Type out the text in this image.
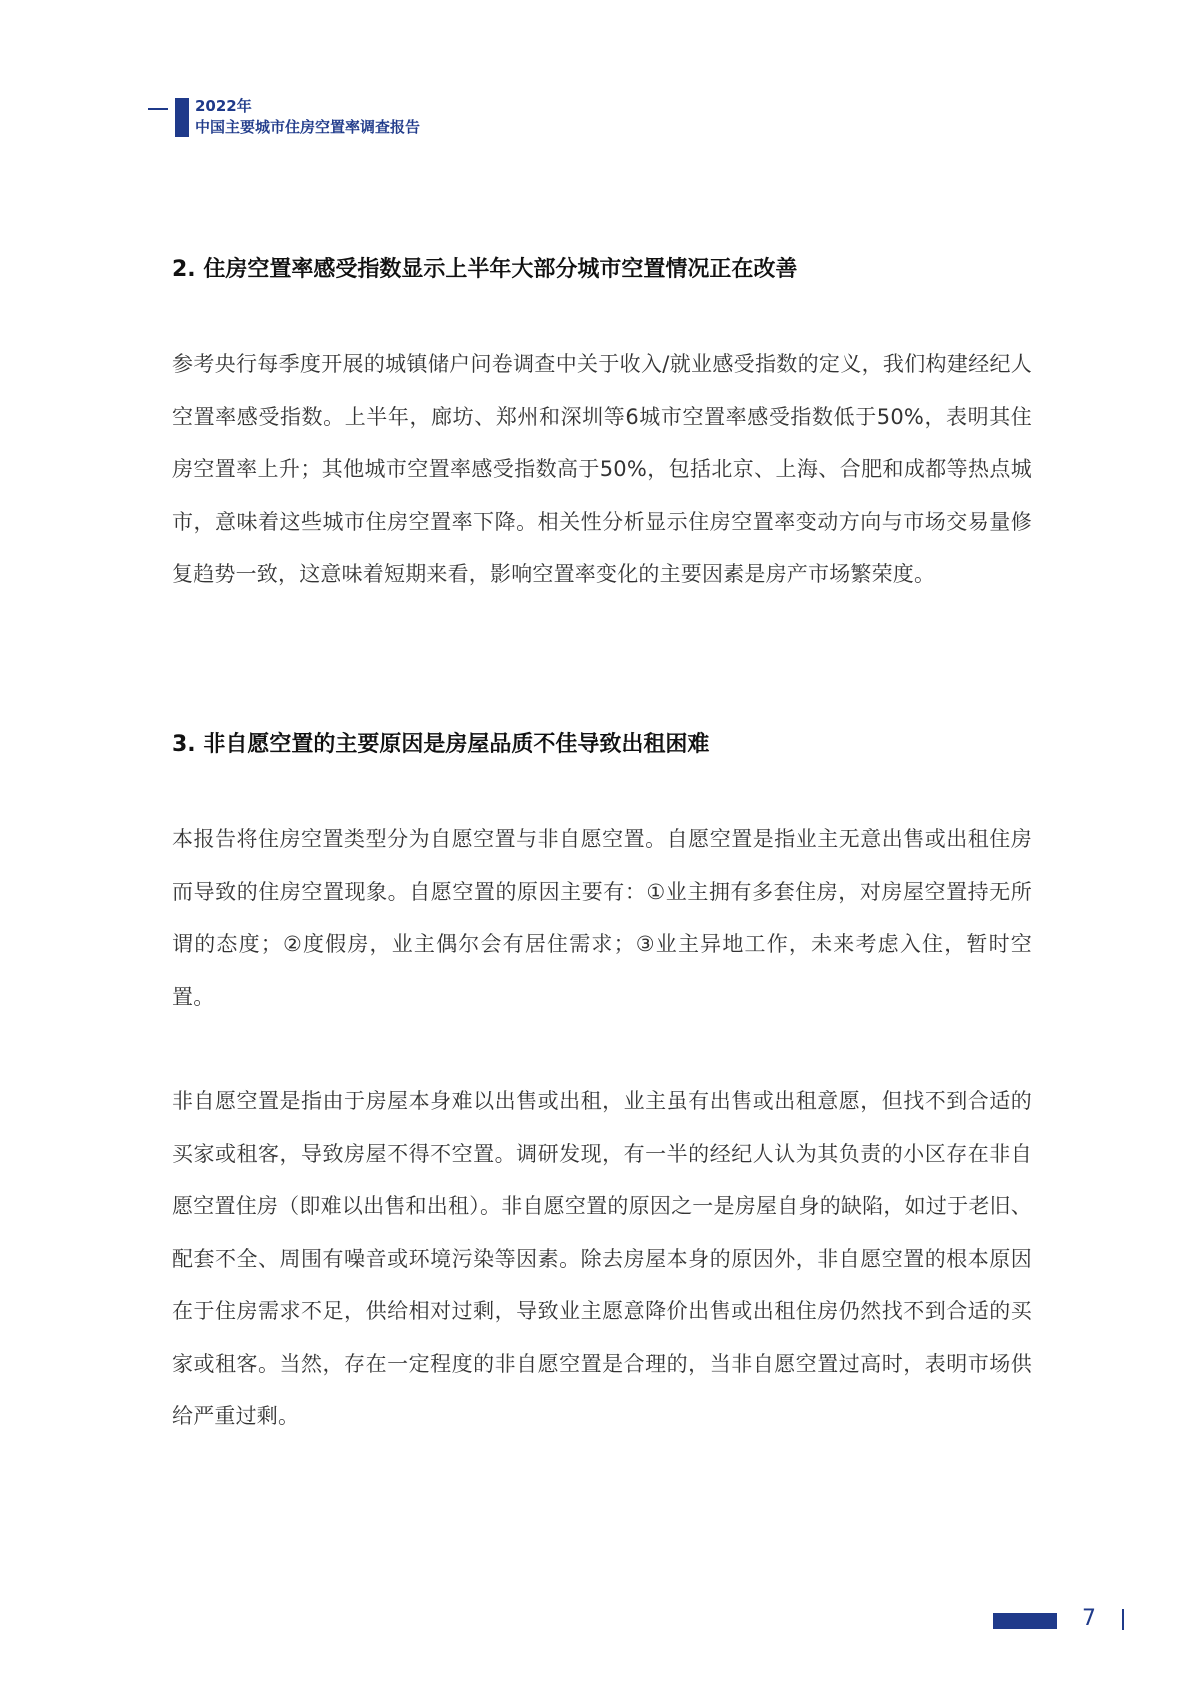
2022年
中国主要城市住房空置率调查报告
2. 住房空置率感受指数显示上半年大部分城市空置情况正在改善

参考央行每季度开展的城镇储户问卷调查中关于收入/就业感受指数的定义，我们构建经纪人空置率感受指数。上半年，廊坊、郑州和深圳等6城市空置率感受指数低于50%，表明其住房空置率上升；其他城市空置率感受指数高于50%，包括北京、上海、合肥和成都等热点城市，意味着这些城市住房空置率下降。相关性分析显示住房空置率变动方向与市场交易量修复趋势一致，这意味着短期来看，影响空置率变化的主要因素是房产市场繁荣度。

3. 非自愿空置的主要原因是房屋品质不佳导致出租困难

本报告将住房空置类型分为自愿空置与非自愿空置。自愿空置是指业主无意出售或出租住房而导致的住房空置现象。自愿空置的原因主要有：①业主拥有多套住房，对房屋空置持无所谓的态度；②度假房，业主偶尔会有居住需求；③业主异地工作，未来考虑入住，暂时空置。

非自愿空置是指由于房屋本身难以出售或出租，业主虽有出售或出租意愿，但找不到合适的买家或租客，导致房屋不得不空置。调研发现，有一半的经纪人认为其负责的小区存在非自愿空置住房（即难以出售和出租）。非自愿空置的原因之一是房屋自身的缺陷，如过于老旧、配套不全、周围有噪音或环境污染等因素。除去房屋本身的原因外，非自愿空置的根本原因在于住房需求不足，供给相对过剩，导致业主愿意降价出售或出租住房仍然找不到合适的买家或租客。当然，存在一定程度的非自愿空置是合理的，当非自愿空置过高时，表明市场供给严重过剩。

7
